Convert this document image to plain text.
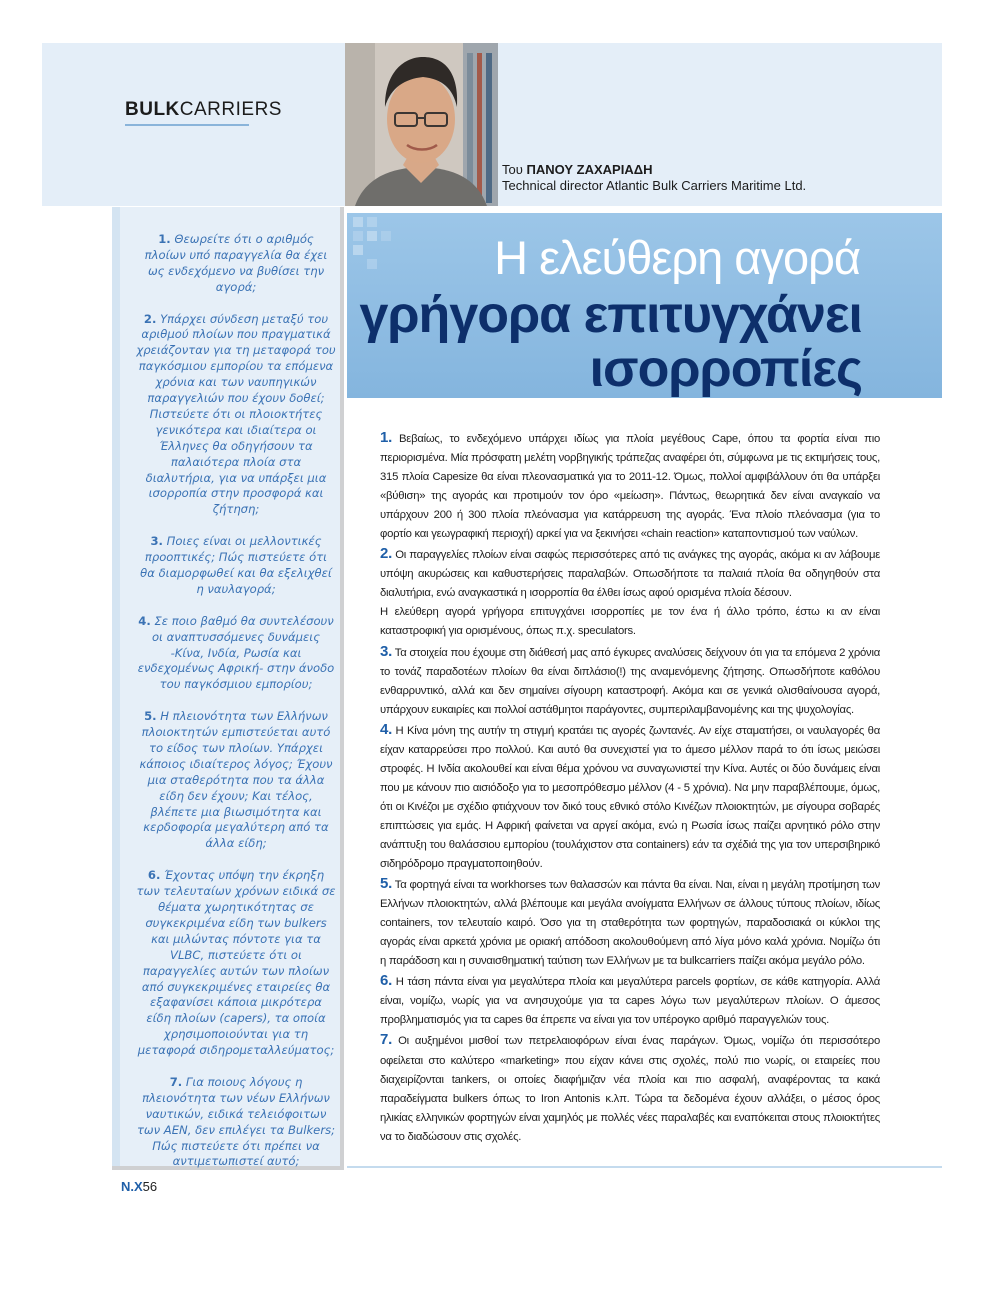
BULKCARRIERS
Του ΠΑΝΟΥ ΖΑΧΑΡΙΑΔΗ
Technical director Atlantic Bulk Carriers Maritime Ltd.
Η ελεύθερη αγορά
γρήγορα επιτυγχάνει
ισορροπίες

1. Θεωρείτε ότι ο αριθμός πλοίων υπό παραγγελία θα έχει ως ενδεχόμενο να βυθίσει την αγορά;

2. Υπάρχει σύνδεση μεταξύ του αριθμού πλοίων που πραγματικά χρειάζονταν για τη μεταφορά του παγκόσμιου εμπορίου τα επόμενα χρόνια και των ναυπηγικών παραγγελιών που έχουν δοθεί; Πιστεύετε ότι οι πλοιοκτήτες γενικότερα και ιδιαίτερα οι Έλληνες θα οδηγήσουν τα παλαιότερα πλοία στα διαλυτήρια, για να υπάρξει μια ισορροπία στην προσφορά και ζήτηση;

3. Ποιες είναι οι μελλοντικές προοπτικές; Πώς πιστεύετε ότι θα διαμορφωθεί και θα εξελιχθεί η ναυλαγορά;

4. Σε ποιο βαθμό θα συντελέσουν οι αναπτυσσόμενες δυνάμεις -Κίνα, Ινδία, Ρωσία και ενδεχομένως Αφρική- στην άνοδο του παγκόσμιου εμπορίου;

5. Η πλειονότητα των Ελλήνων πλοιοκτητών εμπιστεύεται αυτό το είδος των πλοίων. Υπάρχει κάποιος ιδιαίτερος λόγος; Έχουν μια σταθερότητα που τα άλλα είδη δεν έχουν; Και τέλος, βλέπετε μια βιωσιμότητα και κερδοφορία μεγαλύτερη από τα άλλα είδη;

6. Έχοντας υπόψη την έκρηξη των τελευταίων χρόνων ειδικά σε θέματα χωρητικότητας σε συγκεκριμένα είδη των bulkers και μιλώντας πόντοτε για τα VLBC, πιστεύετε ότι οι παραγγελίες αυτών των πλοίων από συγκεκριμένες εταιρείες θα εξαφανίσει κάποια μικρότερα είδη πλοίων (capers), τα οποία χρησιμοποιούνται για τη μεταφορά σιδηρομεταλλεύματος;

7. Για ποιους λόγους η πλειονότητα των νέων Ελλήνων ναυτικών, ειδικά τελειόφοιτων των ΑΕΝ, δεν επιλέγει τα Bulkers; Πώς πιστεύετε ότι πρέπει να αντιμετωπιστεί αυτό;

1. Βεβαίως, το ενδεχόμενο υπάρχει ιδίως για πλοία μεγέθους Cape, όπου τα φορτία είναι πιο περιορισμένα. Μία πρόσφατη μελέτη νορβηγικής τράπεζας αναφέρει ότι, σύμφωνα με τις εκτιμήσεις τους, 315 πλοία Capesize θα είναι πλεονασματικά για το 2011-12. Όμως, πολλοί αμφιβάλλουν ότι θα υπάρξει «βύθιση» της αγοράς και προτιμούν τον όρο «μείωση». Πάντως, θεωρητικά δεν είναι αναγκαίο να υπάρχουν 200 ή 300 πλοία πλεόνασμα για κατάρρευση της αγοράς. Ένα πλοίο πλεόνασμα (για το φορτίο και γεωγραφική περιοχή) αρκεί για να ξεκινήσει «chain reaction» καταποντισμού των ναύλων.

2. Οι παραγγελίες πλοίων είναι σαφώς περισσότερες από τις ανάγκες της αγοράς, ακόμα κι αν λάβουμε υπόψη ακυρώσεις και καθυστερήσεις παραλαβών. Οπωσδήποτε τα παλαιά πλοία θα οδηγηθούν στα διαλυτήρια, ενώ αναγκαστικά η ισορροπία θα έλθει ίσως αφού ορισμένα πλοία δέσουν.

Η ελεύθερη αγορά γρήγορα επιτυγχάνει ισορροπίες με τον ένα ή άλλο τρόπο, έστω κι αν είναι καταστροφική για ορισμένους, όπως π.χ. speculators.

3. Τα στοιχεία που έχουμε στη διάθεσή μας από έγκυρες αναλύσεις δείχνουν ότι για τα επόμενα 2 χρόνια το τονάζ παραδοτέων πλοίων θα είναι διπλάσιο(!) της αναμενόμενης ζήτησης. Οπωσδήποτε καθόλου ενθαρρυντικό, αλλά και δεν σημαίνει σίγουρη καταστροφή. Ακόμα και σε γενικά ολισθαίνουσα αγορά, υπάρχουν ευκαιρίες και πολλοί αστάθμητοι παράγοντες, συμπεριλαμβανομένης και της ψυχολογίας.

4. Η Κίνα μόνη της αυτήν τη στιγμή κρατάει τις αγορές ζωντανές. Αν είχε σταματήσει, οι ναυλαγορές θα είχαν καταρρεύσει προ πολλού. Και αυτό θα συνεχιστεί για το άμεσο μέλλον παρά το ότι ίσως μειώσει στροφές. Η Ινδία ακολουθεί και είναι θέμα χρόνου να συναγωνιστεί την Κίνα. Αυτές οι δύο δυνάμεις είναι που με κάνουν πιο αισιόδοξο για το μεσοπρόθεσμο μέλλον (4 - 5 χρόνια). Να μην παραβλέπουμε, όμως, ότι οι Κινέζοι με σχέδιο φτιάχνουν τον δικό τους εθνικό στόλο Κινέζων πλοιοκτητών, με σίγουρα σοβαρές επιπτώσεις για εμάς. Η Αφρική φαίνεται να αργεί ακόμα, ενώ η Ρωσία ίσως παίζει αρνητικό ρόλο στην ανάπτυξη του θαλάσσιου εμπορίου (τουλάχιστον στα containers) εάν τα σχέδιά της για τον υπερσιβηρικό σιδηρόδρομο πραγματοποιηθούν.

5. Τα φορτηγά είναι τα workhorses των θαλασσών και πάντα θα είναι. Ναι, είναι η μεγάλη προτίμηση των Ελλήνων πλοιοκτητών, αλλά βλέπουμε και μεγάλα ανοίγματα Ελλήνων σε άλλους τύπους πλοίων, ιδίως containers, τον τελευταίο καιρό. Όσο για τη σταθερότητα των φορτηγών, παραδοσιακά οι κύκλοι της αγοράς είναι αρκετά χρόνια με οριακή απόδοση ακολουθούμενη από λίγα μόνο καλά χρόνια. Νομίζω ότι η παράδοση και η συναισθηματική ταύτιση των Ελλήνων με τα bulkcarriers παίζει ακόμα μεγάλο ρόλο.

6. Η τάση πάντα είναι για μεγαλύτερα πλοία και μεγαλύτερα parcels φορτίων, σε κάθε κατηγορία. Αλλά είναι, νομίζω, νωρίς για να ανησυχούμε για τα capes λόγω των μεγαλύτερων πλοίων. Ο άμεσος προβληματισμός για τα capes θα έπρεπε να είναι για τον υπέρογκο αριθμό παραγγελιών τους.

7. Οι αυξημένοι μισθοί των πετρελαιοφόρων είναι ένας παράγων. Όμως, νομίζω ότι περισσότερο οφείλεται στο καλύτερο «marketing» που είχαν κάνει στις σχολές, πολύ πιο νωρίς, οι εταιρείες που διαχειρίζονται tankers, οι οποίες διαφήμιζαν νέα πλοία και πιο ασφαλή, αναφέροντας τα κακά παραδείγματα bulkers όπως το Iron Antonis κ.λπ. Τώρα τα δεδομένα έχουν αλλάξει, ο μέσος όρος ηλικίας ελληνικών φορτηγών είναι χαμηλός με πολλές νέες παραλαβές και εναπόκειται στους πλοιοκτήτες να το διαδώσουν στις σχολές.

N.X56
